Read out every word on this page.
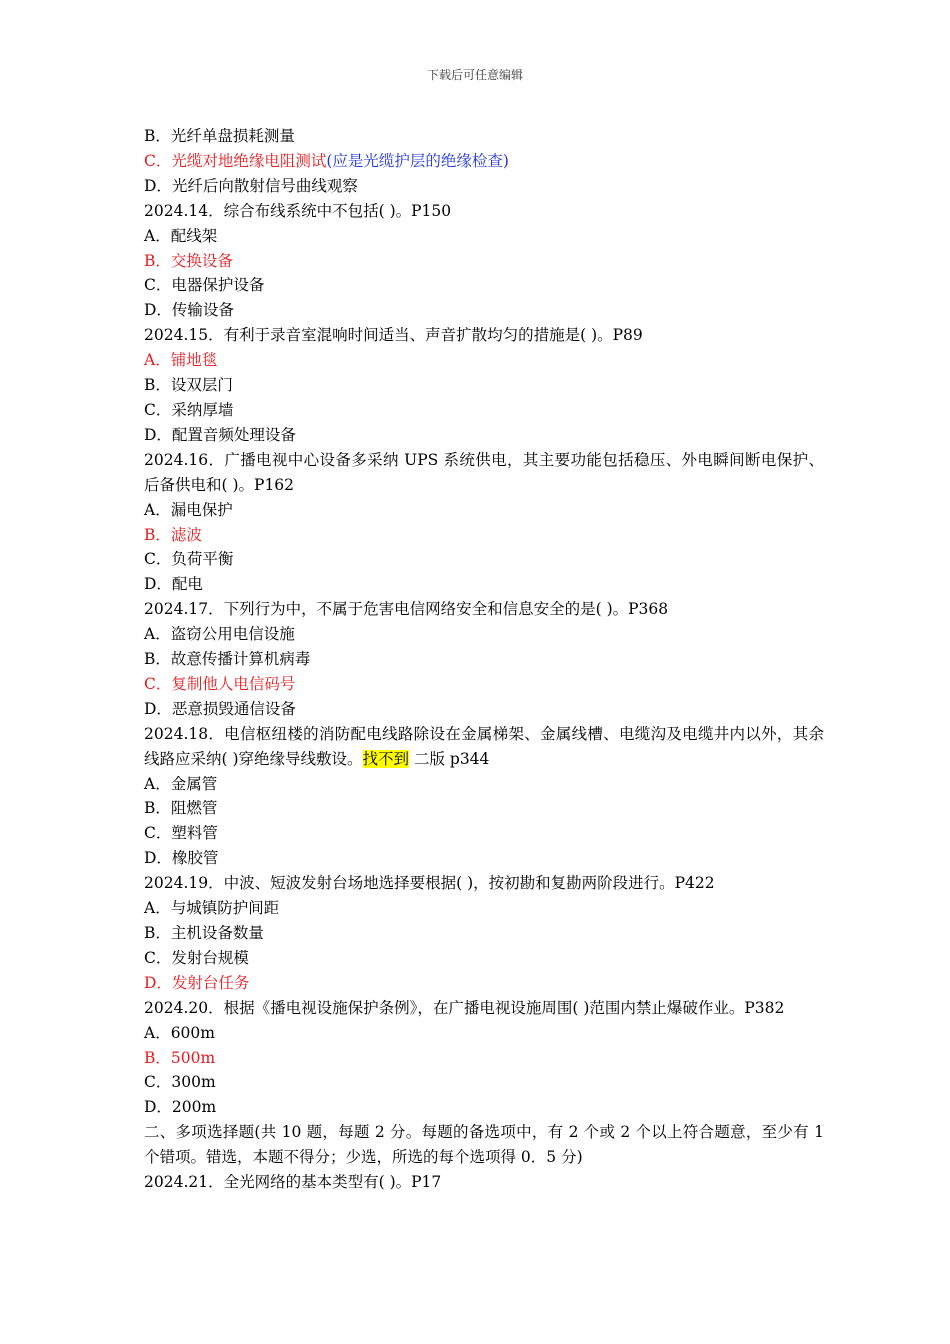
下载后可任意编辑
B．光纤单盘损耗测量
C．光缆对地绝缘电阻测试(应是光缆护层的绝缘检查)
D．光纤后向散射信号曲线观察
2024.14．综合布线系统中不包括( )。P150
A．配线架
B．交换设备
C．电器保护设备
D．传输设备
2024.15．有利于录音室混响时间适当、声音扩散均匀的措施是( )。P89
A．铺地毯
B．设双层门
C．采纳厚墙
D．配置音频处理设备
2024.16．广播电视中心设备多采纳 UPS 系统供电，其主要功能包括稳压、外电瞬间断电保护、后备供电和( )。P162
A．漏电保护
B．滤波
C．负荷平衡
D．配电
2024.17．下列行为中，不属于危害电信网络安全和信息安全的是( )。P368
A．盗窃公用电信设施
B．故意传播计算机病毒
C．复制他人电信码号
D．恶意损毁通信设备
2024.18．电信枢纽楼的消防配电线路除设在金属梯架、金属线槽、电缆沟及电缆井内以外，其余线路应采纳( )穿绝缘导线敷设。找不到 二版 p344
A．金属管
B．阻燃管
C．塑料管
D．橡胶管
2024.19．中波、短波发射台场地选择要根据( )，按初勘和复勘两阶段进行。P422
A．与城镇防护间距
B．主机设备数量
C．发射台规模
D．发射台任务
2024.20．根据《播电视设施保护条例》，在广播电视设施周围( )范围内禁止爆破作业。P382
A．600m
B．500m
C．300m
D．200m
二、多项选择题(共 10 题，每题 2 分。每题的备选项中，有 2 个或 2 个以上符合题意，至少有 1 个错项。错选，本题不得分；少选，所选的每个选项得 0．5 分)
2024.21．全光网络的基本类型有( )。P17
